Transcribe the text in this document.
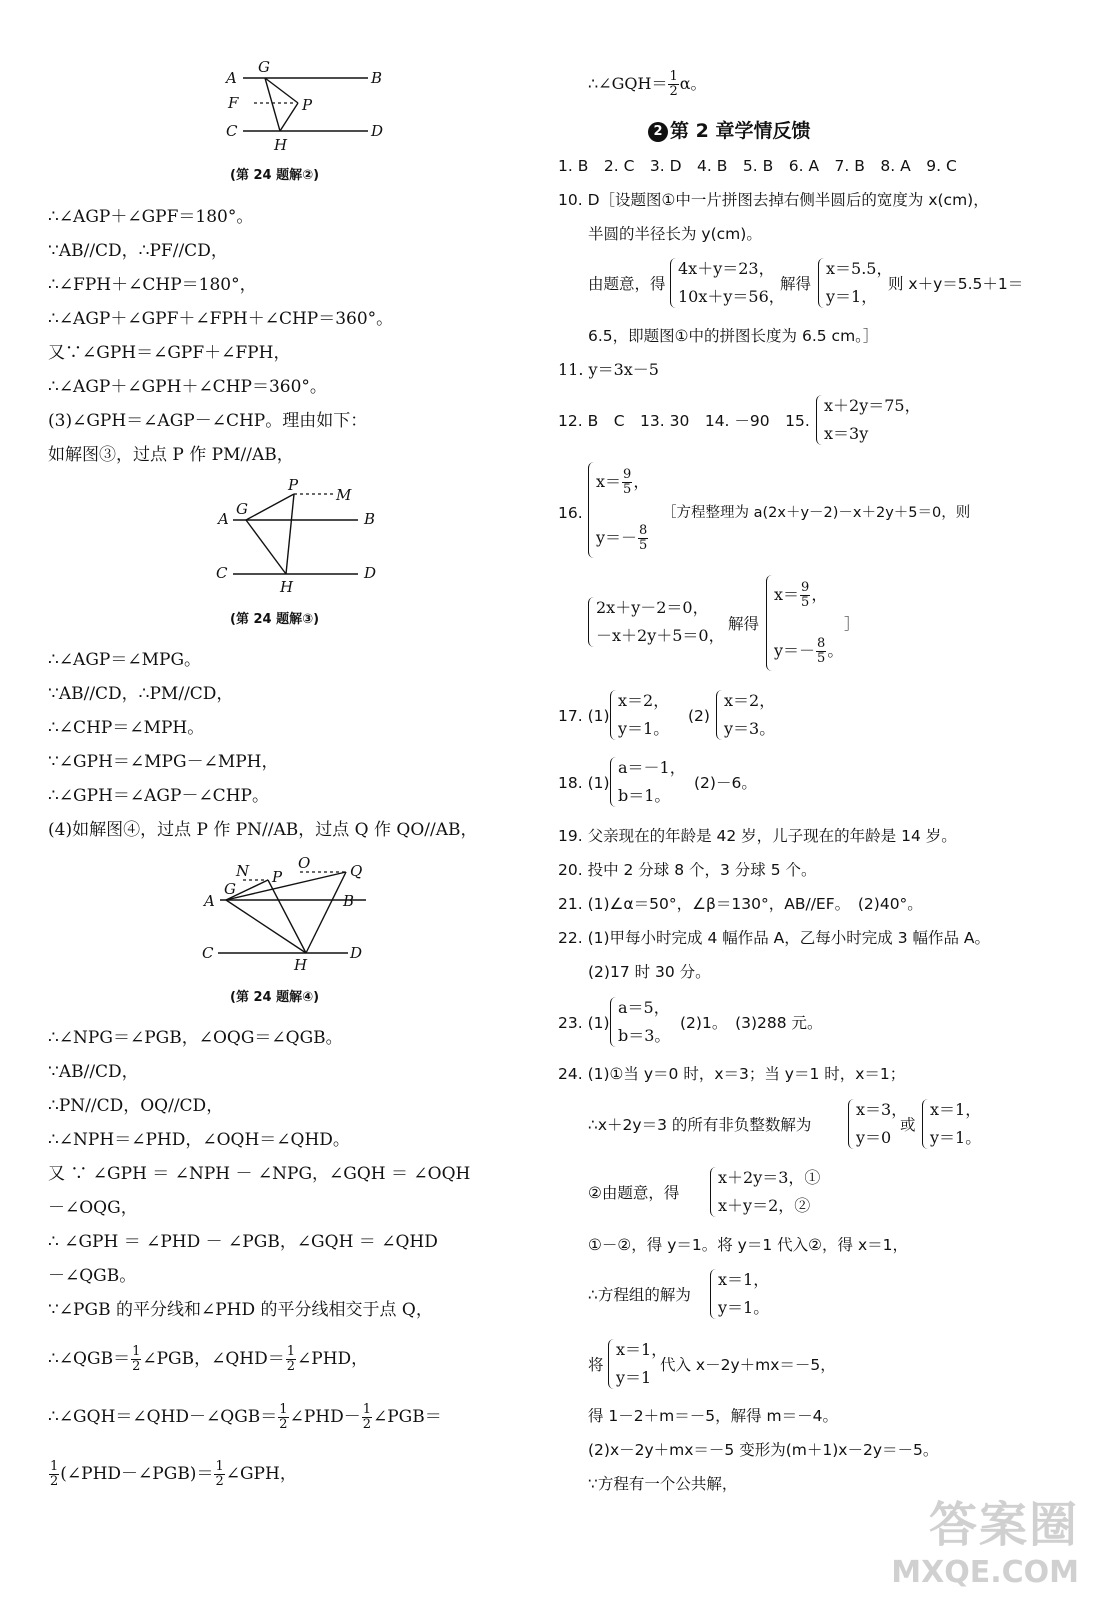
A
G
B
F	P
C
H
D
(第 24 题解②)
∴∠AGP＋∠GPF＝180°。
∵AB//CD，∴PF//CD，
∴∠FPH＋∠CHP＝180°，
∴∠AGP＋∠GPF＋∠FPH＋∠CHP＝360°。
又∵∠GPH＝∠GPF＋∠FPH，
∴∠AGP＋∠GPH＋∠CHP＝360°。
(3)∠GPH＝∠AGP－∠CHP。理由如下：
如解图③，过点 P 作 PM//AB，
P
M
A
G
B
C
H
D
(第 24 题解③)
∴∠AGP＝∠MPG。
∵AB//CD，∴PM//CD，
∴∠CHP＝∠MPH。
∵∠GPH＝∠MPG－∠MPH，
∴∠GPH＝∠AGP－∠CHP。
(4)如解图④，过点 P 作 PN//AB，过点 Q 作 QO//AB，
N P
O	Q
A
G
B
C
H
D
(第 24 题解④)
∴∠NPG＝∠PGB，∠OQG＝∠QGB。
∵AB//CD，
∴PN//CD，OQ//CD，
∴∠NPH＝∠PHD，∠OQH＝∠QHD。
又 ∵ ∠GPH ＝ ∠NPH － ∠NPG，∠GQH ＝ ∠OQH
－∠OQG，
∴ ∠GPH ＝ ∠PHD － ∠PGB，∠GQH ＝ ∠QHD
－∠QGB。
∵∠PGB 的平分线和∠PHD 的平分线相交于点 Q，
∴∠QGB＝ $\frac{1}{2}$ ∠PGB，∠QHD＝ $\frac{1}{2}$ ∠PHD，
∴∠GQH＝∠QHD－∠QGB＝ $\frac{1}{2}$ ∠PHD－ $\frac{1}{2}$ ∠PGB＝
$\frac{1}{2}$ (∠PHD－∠PGB)＝ $\frac{1}{2}$ ∠GPH，
∴∠GQH＝ $\frac{1}{2}$ α。
2 第 2 章学情反馈
1. B　2. C　3. D　4. B　5. B　6. A　7. B　8. A　9. C
10. D［设题图①中一片拼图去掉右侧半圆后的宽度为 x(cm)，
半圆的半径长为 y(cm)。
由题意，得
4x＋y＝23，
10x＋y＝56，
解得
x＝5.5，
y＝1，
则 x＋y＝5.5＋1＝
6.5，即题图①中的拼图长度为 6.5 cm。］
11. y＝3x－5
12. B　C　13. 30　14. －90　15.
x＋2y＝75，
x＝3y
16.
$x= \frac{9}{5}$ ，
$y=- \frac{8}{5}$
［方程整理为 a(2x＋y－2)－x＋2y＋5＝0，则
2x＋y－2＝0，
－x＋2y＋5＝0，
解得
$x= \frac{9}{5}$ ，
$y=- \frac{8}{5}$ 。
］
17. (1)
x＝2，
y＝1。
(2)
x＝2，
y＝3。
18. (1)
a＝－1，
b＝1。
(2)－6。
19. 父亲现在的年龄是 42 岁，儿子现在的年龄是 14 岁。
20. 投中 2 分球 8 个，3 分球 5 个。
21. (1)∠α＝50°，∠β＝130°，AB//EF。　(2)40°。
22. (1)甲每小时完成 4 幅作品 A，乙每小时完成 3 幅作品 A。
(2)17 时 30 分。
23. (1)
a＝5，
b＝3。
(2)1。　(3)288 元。
24. (1)①当 y＝0 时，x＝3；当 y＝1 时，x＝1；
∴x＋2y＝3 的所有非负整数解为
x＝3，
y＝0
或
x＝1，
y＝1。
②由题意，得
x＋2y＝3，①
x＋y＝2，②
①－②，得 y＝1。将 y＝1 代入②，得 x＝1，
∴方程组的解为
x＝1，
y＝1。
将
x＝1，
y＝1
代入 x－2y＋mx＝－5，
得 1－2＋m＝－5，解得 m＝－4。
(2)x－2y＋mx＝－5 变形为(m＋1)x－2y＝－5。
∵方程有一个公共解，
答案圈
MXQE.COM
